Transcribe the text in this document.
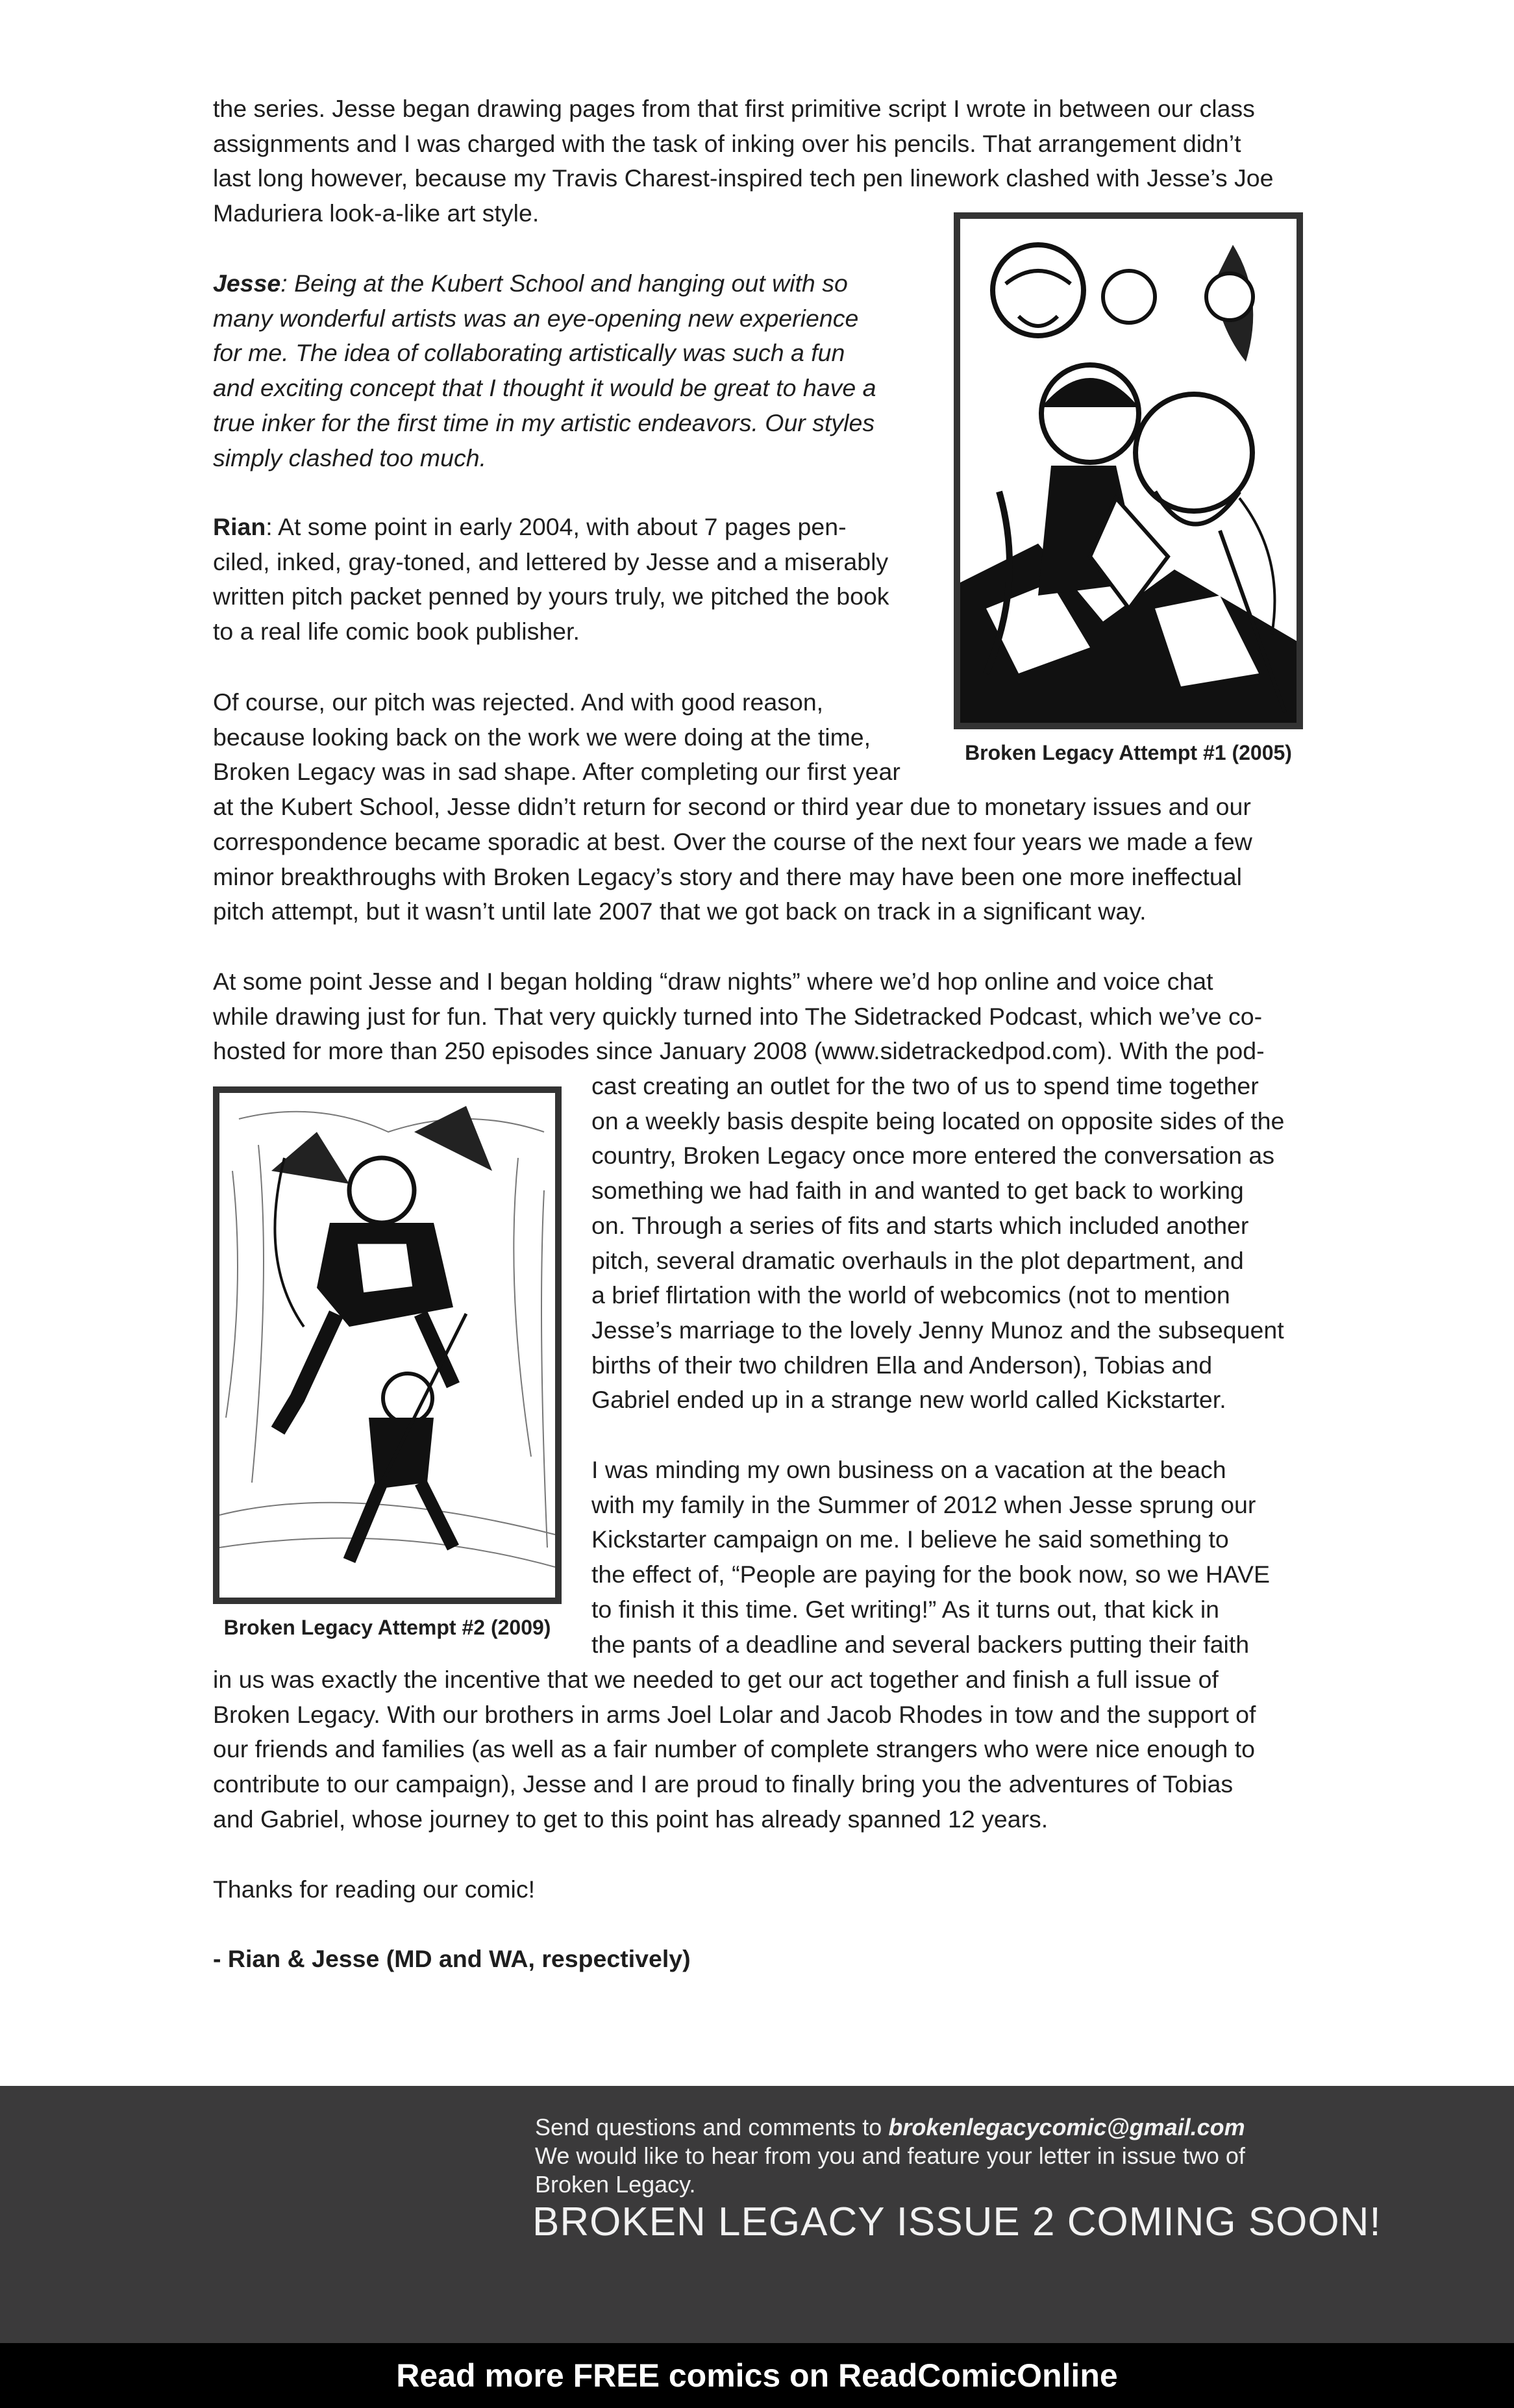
the series. Jesse began drawing pages from that first primitive script I wrote in between our class
assignments and I was charged with the task of inking over his pencils. That arrangement didn’t
last long however, because my Travis Charest-inspired tech pen linework clashed with Jesse’s Joe
Maduriera look-a-like art style.
Jesse: Being at the Kubert School and hanging out with so
many wonderful artists was an eye-opening new experience
for me. The idea of collaborating artistically was such a fun
and exciting concept that I thought it would be great to have a
true inker for the first time in my artistic endeavors. Our styles
simply clashed too much.
Rian: At some point in early 2004, with about 7 pages pen-
ciled, inked, gray-toned, and lettered by Jesse and a miserably
written pitch packet penned by yours truly, we pitched the book
to a real life comic book publisher.
Of course, our pitch was rejected. And with good reason,
because looking back on the work we were doing at the time,
Broken Legacy was in sad shape. After completing our first year
at the Kubert School, Jesse didn’t return for second or third year due to monetary issues and our
correspondence became sporadic at best. Over the course of the next four years we made a few
minor breakthroughs with Broken Legacy’s story and there may have been one more ineffectual
pitch attempt, but it wasn’t until late 2007 that we got back on track in a significant way.
At some point Jesse and I began holding “draw nights” where we’d hop online and voice chat
while drawing just for fun. That very quickly turned into The Sidetracked Podcast, which we’ve co-
hosted for more than 250 episodes since January 2008 (www.sidetrackedpod.com). With the pod-
cast creating an outlet for the two of us to spend time together
on a weekly basis despite being located on opposite sides of the
country, Broken Legacy once more entered the conversation as
something we had faith in and wanted to get back to working
on. Through a series of fits and starts which included another
pitch, several dramatic overhauls in the plot department, and
a brief flirtation with the world of webcomics (not to mention
Jesse’s marriage to the lovely Jenny Munoz and the subsequent
births of their two children Ella and Anderson), Tobias and
Gabriel ended up in a strange new world called Kickstarter.
I was minding my own business on a vacation at the beach
with my family in the Summer of 2012 when Jesse sprung our
Kickstarter campaign on me. I believe he said something to
the effect of, “People are paying for the book now, so we HAVE
to finish it this time. Get writing!” As it turns out, that kick in
the pants of a deadline and several backers putting their faith
in us was exactly the incentive that we needed to get our act together and finish a full issue of
Broken Legacy. With our brothers in arms Joel Lolar and Jacob Rhodes in tow and the support of
our friends and families (as well as a fair number of complete strangers who were nice enough to
contribute to our campaign), Jesse and I are proud to finally bring you the adventures of Tobias
and Gabriel, whose journey to get to this point has already spanned 12 years.
Thanks for reading our comic!
- Rian & Jesse (MD and WA, respectively)
Broken Legacy Attempt #1 (2005)
Broken Legacy Attempt #2 (2009)
Send questions and comments to brokenlegacycomic@gmail.com
We would like to hear from you and feature your letter in issue two of
Broken Legacy.
BROKEN LEGACY ISSUE 2 COMING SOON!
Read more FREE comics on ReadComicOnline
